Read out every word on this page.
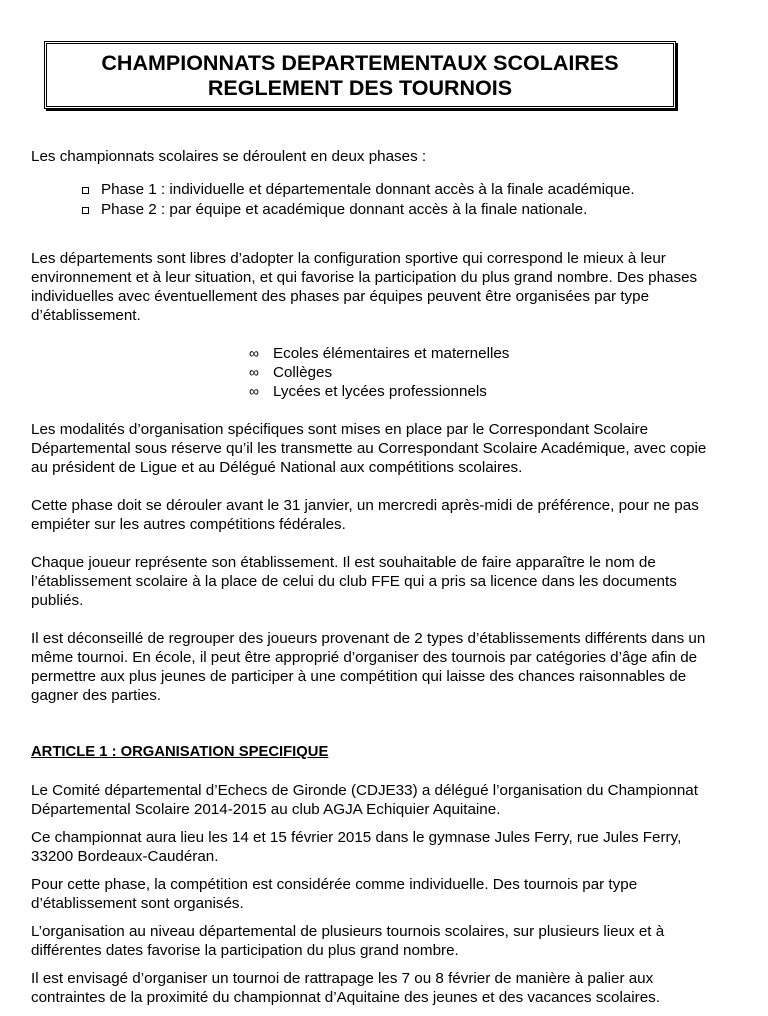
CHAMPIONNATS DEPARTEMENTAUX SCOLAIRES
REGLEMENT DES TOURNOIS

Les championnats scolaires se déroulent en deux phases :

Phase 1 : individuelle et départementale donnant accès à la finale académique.
Phase 2 : par équipe et académique donnant accès à la finale nationale.

Les départements sont libres d’adopter la configuration sportive qui correspond le mieux à leur environnement et à leur situation, et qui favorise la participation du plus grand nombre. Des phases individuelles avec éventuellement des phases par équipes peuvent être organisées par type d’établissement.

∞ Ecoles élémentaires et maternelles
∞ Collèges
∞ Lycées et lycées professionnels

Les modalités d’organisation spécifiques sont mises en place par le Correspondant Scolaire Départemental sous réserve qu’il les transmette au Correspondant Scolaire Académique, avec copie au président de Ligue et au Délégué National aux compétitions scolaires.

Cette phase doit se dérouler avant le 31 janvier, un mercredi après-midi de préférence, pour ne pas empiéter sur les autres compétitions fédérales.

Chaque joueur représente son établissement. Il est souhaitable de faire apparaître le nom de l’établissement scolaire à la place de celui du club FFE qui a pris sa licence dans les documents publiés.

Il est déconseillé de regrouper des joueurs provenant de 2 types d’établissements différents dans un même tournoi. En école, il peut être approprié d’organiser des tournois par catégories d’âge afin de permettre aux plus jeunes de participer à une compétition qui laisse des chances raisonnables de gagner des parties.

ARTICLE 1 : ORGANISATION SPECIFIQUE

Le Comité départemental d’Echecs de Gironde (CDJE33) a délégué l’organisation du Championnat Départemental Scolaire 2014-2015 au club AGJA Echiquier Aquitaine.

Ce championnat aura lieu les 14 et 15 février 2015 dans le gymnase Jules Ferry, rue Jules Ferry, 33200 Bordeaux-Caudéran.

Pour cette phase, la compétition est considérée comme individuelle. Des tournois par type d’établissement sont organisés.

L’organisation au niveau départemental de plusieurs tournois scolaires, sur plusieurs lieux et à différentes dates favorise la participation du plus grand nombre.

Il est envisagé d’organiser un tournoi de rattrapage les 7 ou 8 février de manière à palier aux contraintes de la proximité du championnat d’Aquitaine des jeunes et des vacances scolaires.
